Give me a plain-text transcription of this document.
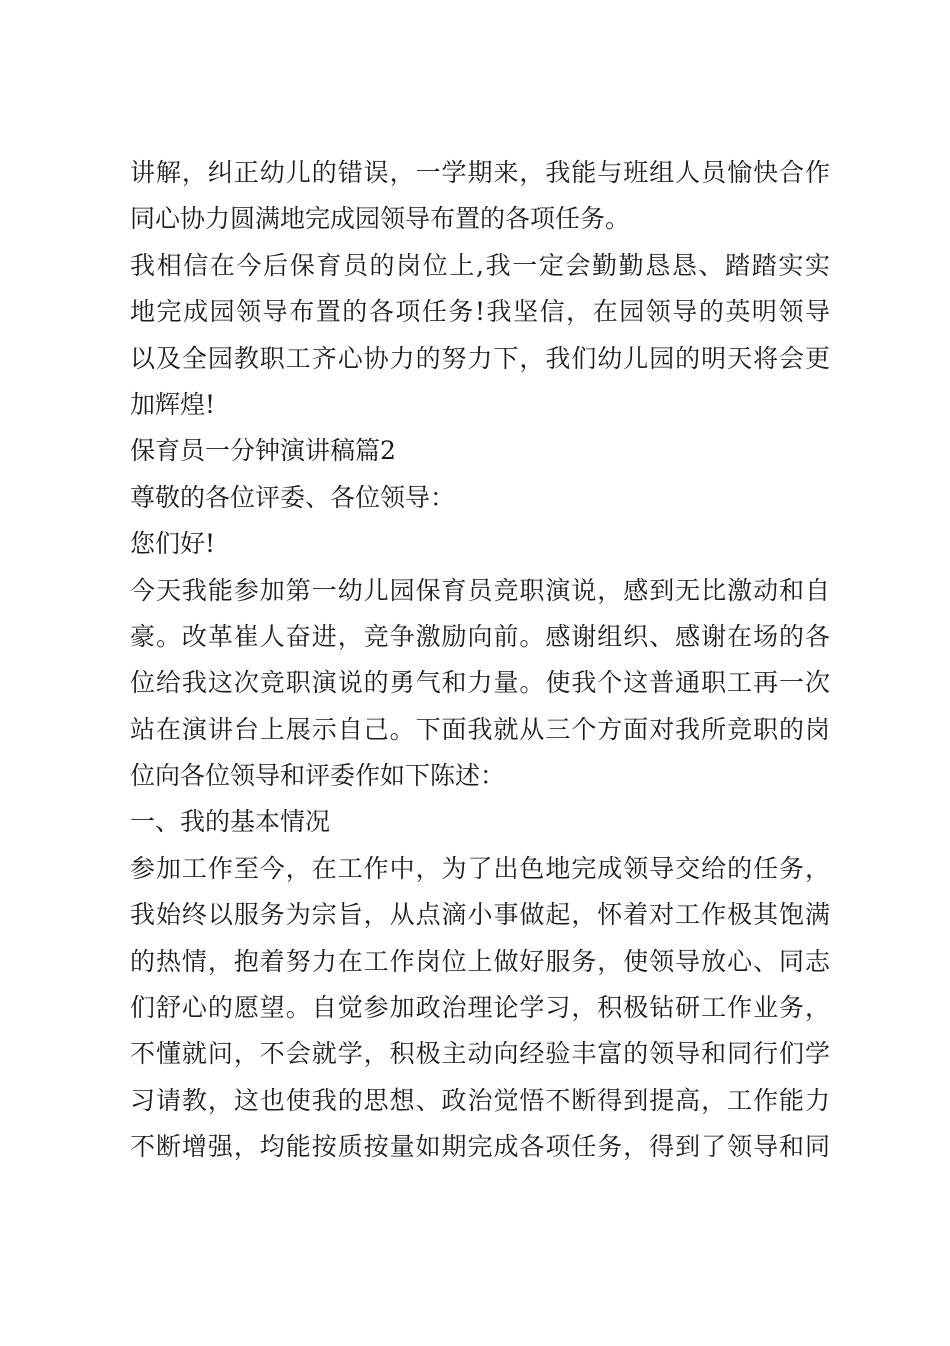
讲解，纠正幼儿的错误，一学期来，我能与班组人员愉快合作
同心协力圆满地完成园领导布置的各项任务。
我相信在今后保育员的岗位上,我一定会勤勤恳恳、踏踏实实
地完成园领导布置的各项任务!我坚信，在园领导的英明领导
以及全园教职工齐心协力的努力下，我们幼儿园的明天将会更
加辉煌!
保育员一分钟演讲稿篇2
尊敬的各位评委、各位领导：
您们好!
今天我能参加第一幼儿园保育员竞职演说，感到无比激动和自
豪。改革崔人奋进，竞争激励向前。感谢组织、感谢在场的各
位给我这次竞职演说的勇气和力量。使我个这普通职工再一次
站在演讲台上展示自己。下面我就从三个方面对我所竞职的岗
位向各位领导和评委作如下陈述：
一、我的基本情况
参加工作至今，在工作中，为了出色地完成领导交给的任务，
我始终以服务为宗旨，从点滴小事做起，怀着对工作极其饱满
的热情，抱着努力在工作岗位上做好服务，使领导放心、同志
们舒心的愿望。自觉参加政治理论学习，积极钻研工作业务，
不懂就问，不会就学，积极主动向经验丰富的领导和同行们学
习请教，这也使我的思想、政治觉悟不断得到提高，工作能力
不断增强，均能按质按量如期完成各项任务，得到了领导和同
